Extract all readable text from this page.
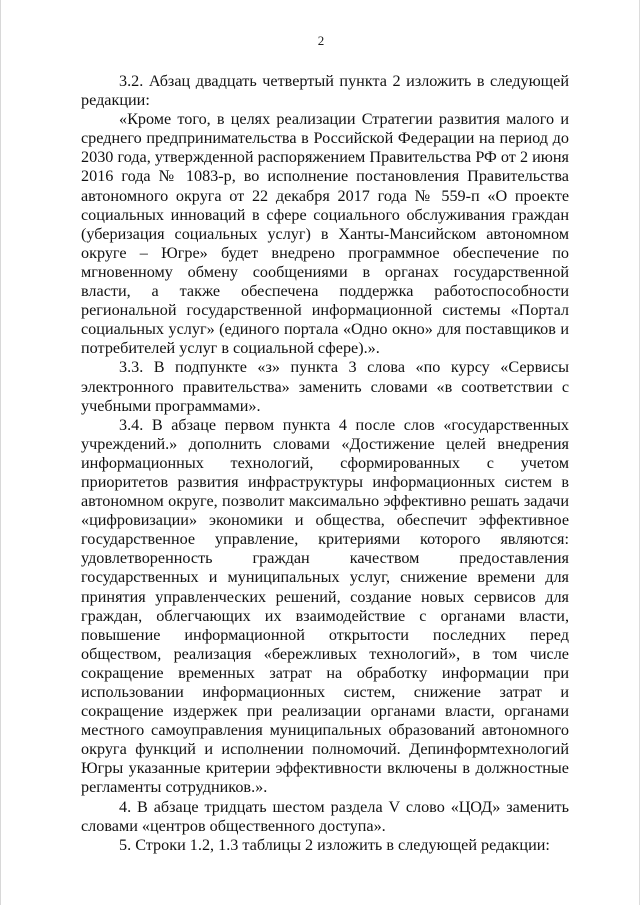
2

3.2. Абзац двадцать четвертый пункта 2 изложить в следующей редакции:

«Кроме того, в целях реализации Стратегии развития малого и среднего предпринимательства в Российской Федерации на период до 2030 года, утвержденной распоряжением Правительства РФ от 2 июня 2016 года № 1083-р, во исполнение постановления Правительства автономного округа от 22 декабря 2017 года № 559-п «О проекте социальных инноваций в сфере социального обслуживания граждан (уберизация социальных услуг) в Ханты-Мансийском автономном округе – Югре» будет внедрено программное обеспечение по мгновенному обмену сообщениями в органах государственной власти, а также обеспечена поддержка работоспособности региональной государственной информационной системы «Портал социальных услуг» (единого портала «Одно окно» для поставщиков и потребителей услуг в социальной сфере).».

3.3. В подпункте «з» пункта 3 слова «по курсу «Сервисы электронного правительства» заменить словами «в соответствии с учебными программами».

3.4. В абзаце первом пункта 4 после слов «государственных учреждений.» дополнить словами «Достижение целей внедрения информационных технологий, сформированных с учетом приоритетов развития инфраструктуры информационных систем в автономном округе, позволит максимально эффективно решать задачи «цифровизации» экономики и общества, обеспечит эффективное государственное управление, критериями которого являются: удовлетворенность граждан качеством предоставления государственных и муниципальных услуг, снижение времени для принятия управленческих решений, создание новых сервисов для граждан, облегчающих их взаимодействие с органами власти, повышение информационной открытости последних перед обществом, реализация «бережливых технологий», в том числе сокращение временных затрат на обработку информации при использовании информационных систем, снижение затрат и сокращение издержек при реализации органами власти, органами местного самоуправления муниципальных образований автономного округа функций и исполнении полномочий. Депинформтехнологий Югры указанные критерии эффективности включены в должностные регламенты сотрудников.».

4. В абзаце тридцать шестом раздела V слово «ЦОД» заменить словами «центров общественного доступа».

5. Строки 1.2, 1.3 таблицы 2 изложить в следующей редакции:
